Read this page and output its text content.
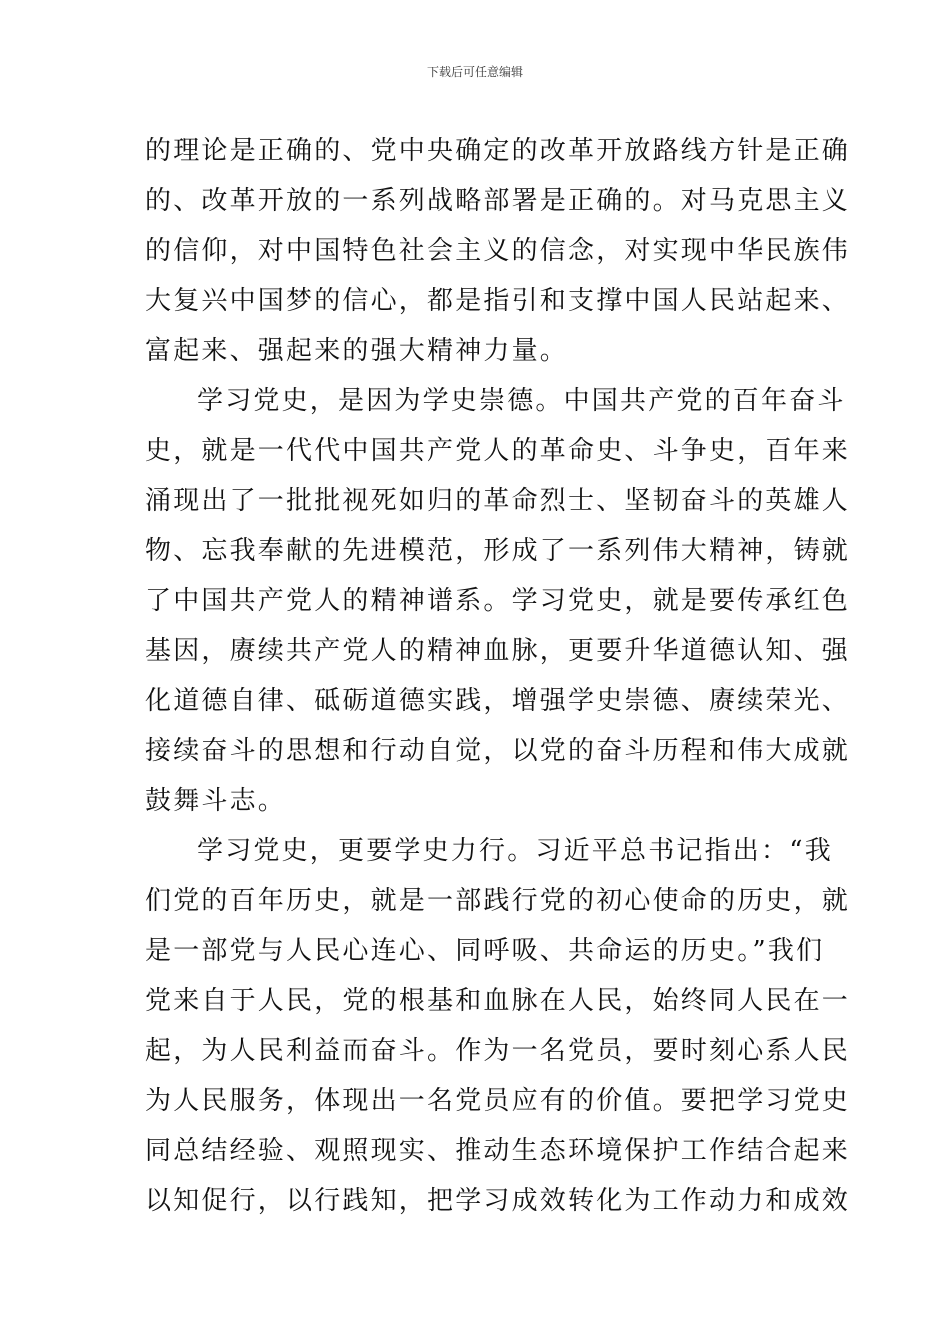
下载后可任意编辑
的理论是正确的、党中央确定的改革开放路线方针是正确
的、改革开放的一系列战略部署是正确的。对马克思主义
的信仰，对中国特色社会主义的信念，对实现中华民族伟
大复兴中国梦的信心，都是指引和支撑中国人民站起来、
富起来、强起来的强大精神力量。
学习党史，是因为学史崇德。中国共产党的百年奋斗
史，就是一代代中国共产党人的革命史、斗争史，百年来
涌现出了一批批视死如归的革命烈士、坚韧奋斗的英雄人
物、忘我奉献的先进模范，形成了一系列伟大精神，铸就
了中国共产党人的精神谱系。学习党史，就是要传承红色
基因，赓续共产党人的精神血脉，更要升华道德认知、强
化道德自律、砥砺道德实践，增强学史崇德、赓续荣光、
接续奋斗的思想和行动自觉，以党的奋斗历程和伟大成就
鼓舞斗志。
学习党史，更要学史力行。习近平总书记指出：“我
们党的百年历史，就是一部践行党的初心使命的历史，就
是一部党与人民心连心、同呼吸、共命运的历史。”我们
党来自于人民，党的根基和血脉在人民，始终同人民在一
起，为人民利益而奋斗。作为一名党员，要时刻心系人民
为人民服务，体现出一名党员应有的价值。要把学习党史
同总结经验、观照现实、推动生态环境保护工作结合起来
以知促行，以行践知，把学习成效转化为工作动力和成效
